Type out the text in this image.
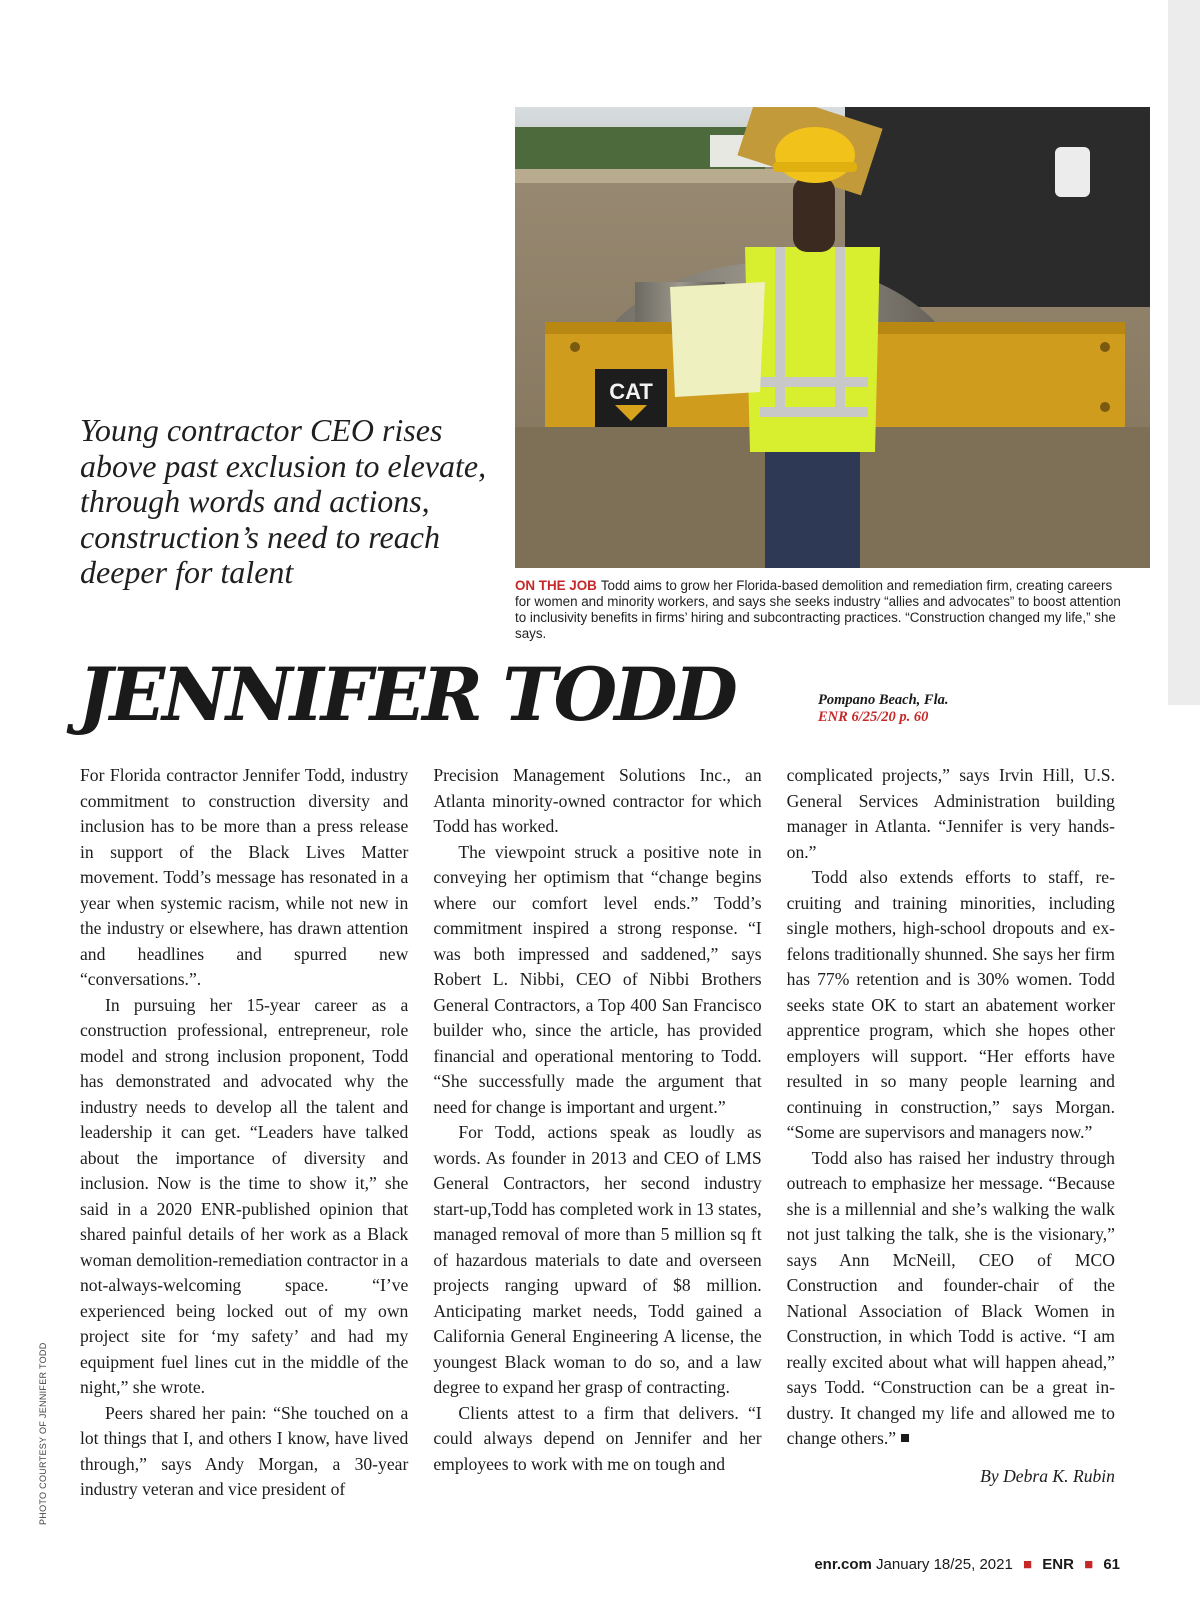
Young contractor CEO rises above past exclusion to elevate, through words and actions, construction’s need to reach deeper for talent
CAT
ON THE JOB Todd aims to grow her Florida-based demolition and remediation firm, creating careers for women and minority workers, and says she seeks industry “allies and advocates” to boost attention to inclusivity benefits in firms’ hiring and subcontracting practices. “Construction changed my life,” she says.
JENNIFER TODD	Pompano Beach, Fla.
ENR 6/25/20 p. 60

For Florida contractor Jennifer Todd, industry commitment to construction diversity and inclusion has to be more than a press release in support of the Black Lives Matter movement. Todd’s message has resonated in a year when systemic racism, while not new in the industry or elsewhere, has drawn attention and headlines and spurred new “conversations.”.

In pursuing her 15-year career as a construction professional, entrepreneur, role model and strong inclusion proponent, Todd has demonstrated and advocated why the industry needs to develop all the talent and leadership it can get. “Leaders have talked about the importance of diversity and inclusion. Now is the time to show it,” she said in a 2020 ENR-published opinion that shared painful details of her work as a Black woman demolition-remediation contractor in a not-always-welcoming space. “I’ve experienced being locked out of my own project site for ‘my safety’ and had my equipment fuel lines cut in the middle of the night,” she wrote.

Peers shared her pain: “She touched on a lot things that I, and others I know, have lived through,” says Andy Morgan, a 30-year industry veteran and vice president of

Precision Management Solutions Inc., an Atlanta minority-owned contractor for which Todd has worked.

The viewpoint struck a positive note in conveying her optimism that “change begins where our comfort level ends.” Todd’s commitment inspired a strong response. “I was both impressed and saddened,” says Robert L. Nibbi, CEO of Nibbi Brothers General Contractors, a Top 400 San Francisco builder who, since the article, has provided financial and operational mentoring to Todd. “She successfully made the argument that need for change is important and urgent.”

For Todd, actions speak as loudly as words. As founder in 2013 and CEO of LMS General Contractors, her second industry start-up,Todd has completed work in 13 states, managed removal of more than 5 million sq ft of hazardous materials to date and overseen projects ranging upward of $8 million. Anticipating market needs, Todd gained a California General Engineering A license, the youngest Black woman to do so, and a law degree to expand her grasp of contracting.

Clients attest to a firm that delivers. “I could always depend on Jennifer and her employees to work with me on tough and

complicated projects,” says Irvin Hill, U.S. General Services Administration building manager in Atlanta. “Jennifer is very hands-on.”

Todd also extends efforts to staff, recruiting and training minorities, including single mothers, high-school dropouts and ex-felons traditionally shunned. She says her firm has 77% retention and is 30% women. Todd seeks state OK to start an abatement worker apprentice program, which she hopes other employers will support. “Her efforts have resulted in so many people learning and continuing in construction,” says Morgan. “Some are supervisors and managers now.”

Todd also has raised her industry through outreach to emphasize her message. “Because she is a millennial and she’s walking the walk not just talking the talk, she is the visionary,” says Ann McNeill, CEO of MCO Construction and founder-chair of the National Association of Black Women in Construction, in which Todd is active. “I am really excited about what will happen ahead,” says Todd. “Construction can be a great industry. It changed my life and allowed me to change others.”

By Debra K. Rubin
PHOTO COURTESY OF JENNIFER TODD
enr.com January 18/25, 2021 ■ ENR ■ 61
